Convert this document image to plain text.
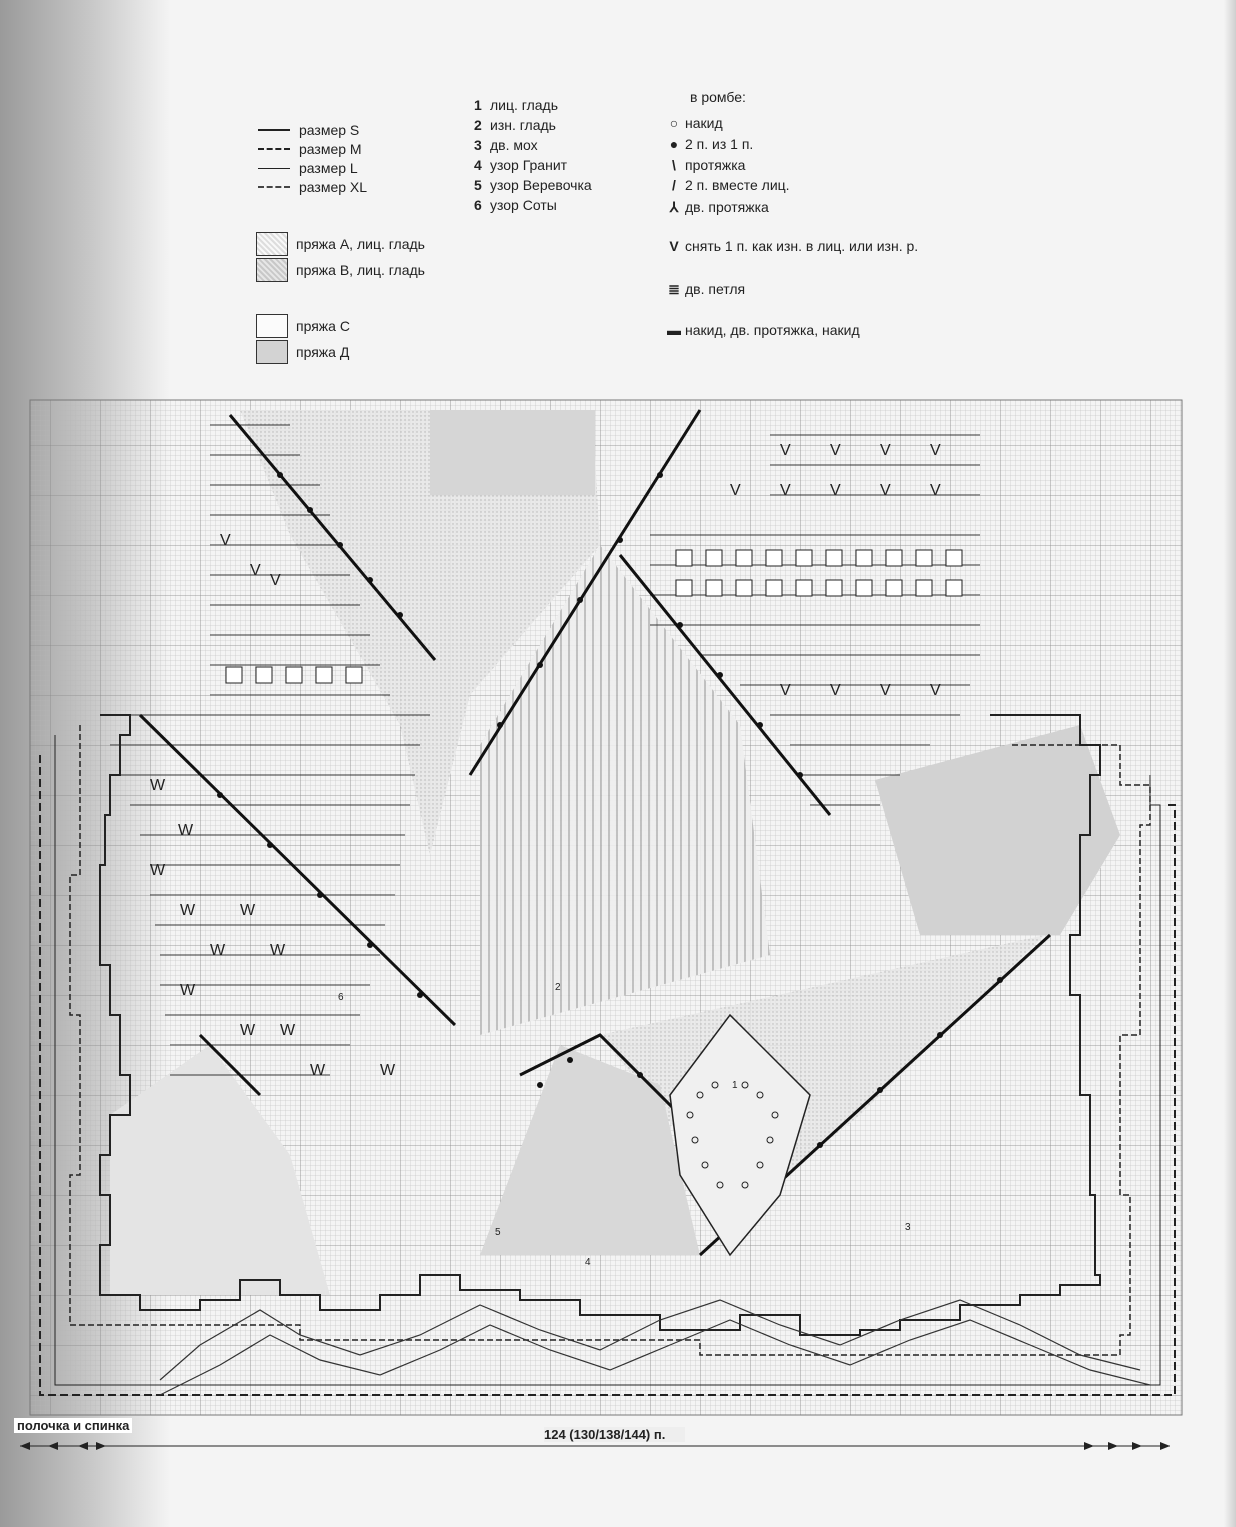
размер S
размер M
размер L
размер XL
пряжа А, лиц. гладь
пряжа В, лиц. гладь
пряжа С
пряжа Д
1 лиц. гладь
2 изн. гладь
3 дв. мох
4 узор Гранит
5 узор Веревочка
6 узор Соты
в ромбе:
○ накид
● 2 п. из 1 п.
\ протяжка
/ 2 п. вместе лиц.
⅄ дв. протяжка
V снять 1 п. как изн. в лиц. или изн. р.
≣ дв. петля
▬ накид, дв. протяжка, накид
W
W
W
W	W
W	W
W
W W
W	W
V
V
V
V V V V
V V V V V
V V V V
1
2
3
4
5
6
полочка и спинка
124 (130/138/144) п.
